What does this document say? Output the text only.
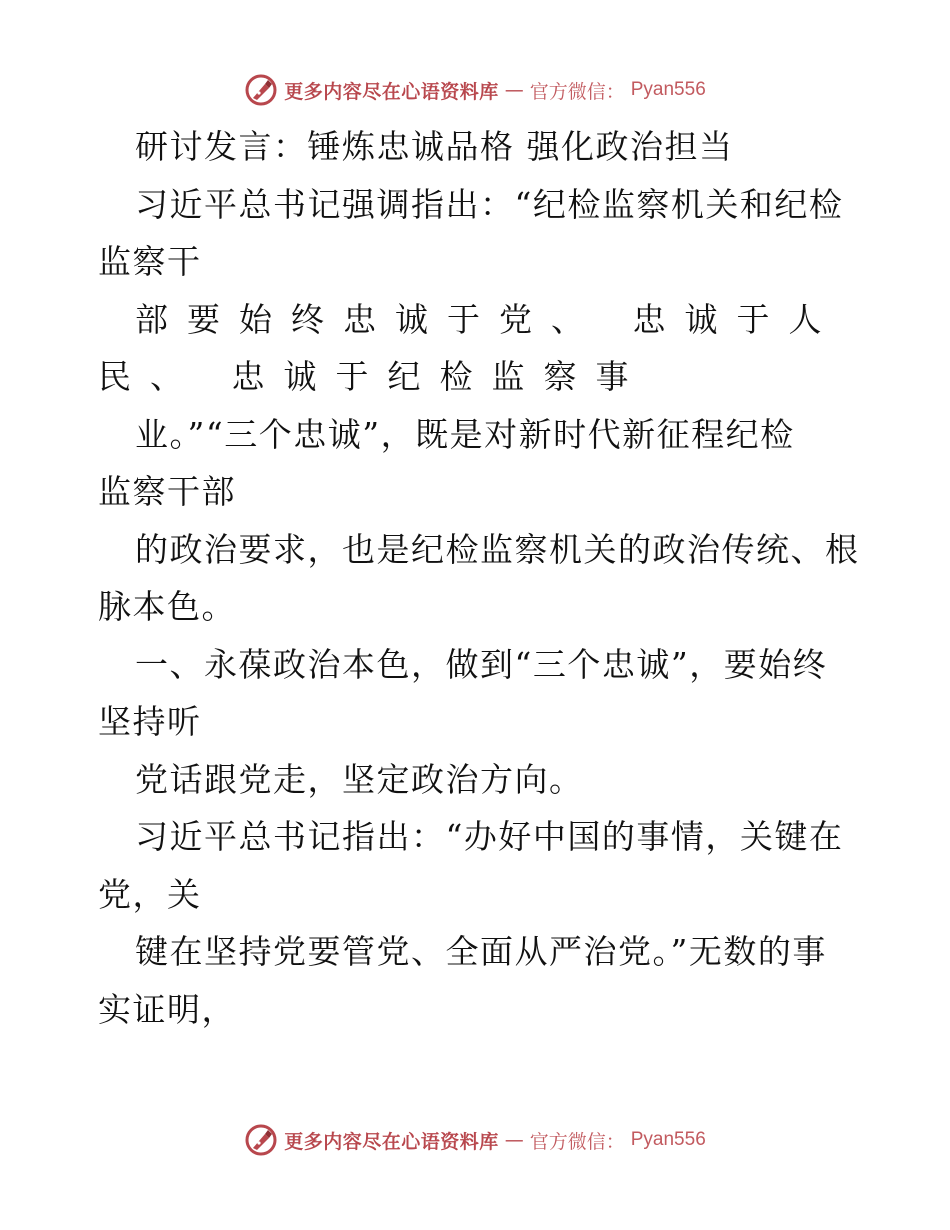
更多内容尽在心语资料库 — 官方微信： Pyan556
研讨发言：锤炼忠诚品格 强化政治担当
习近平总书记强调指出：“纪检监察机关和纪检
监察干
部要始终忠诚于党、 忠诚于人
民、 忠诚于纪检监察事
业。”“三个忠诚”，既是对新时代新征程纪检
监察干部
的政治要求，也是纪检监察机关的政治传统、根
脉本色。
一、永葆政治本色，做到“三个忠诚”，要始终
坚持听
党话跟党走，坚定政治方向。
习近平总书记指出：“办好中国的事情，关键在
党，关
键在坚持党要管党、全面从严治党。”无数的事
实证明，
更多内容尽在心语资料库 — 官方微信： Pyan556
